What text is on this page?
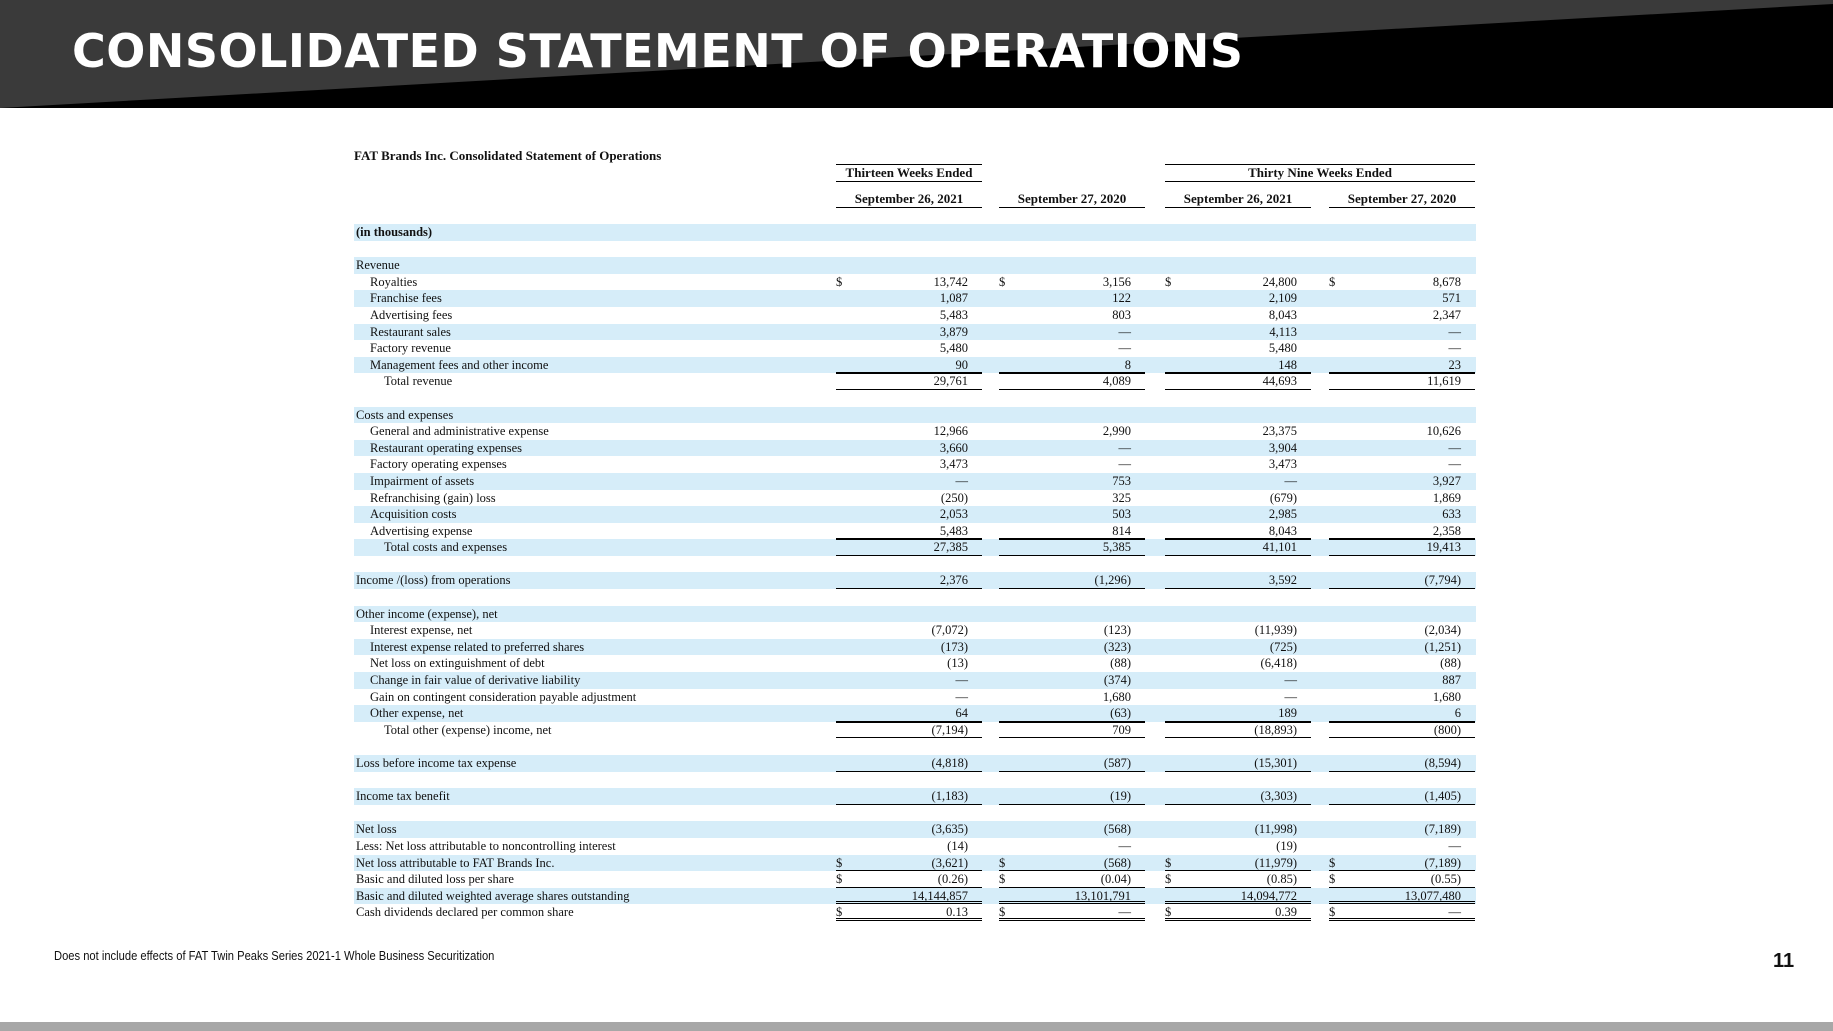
CONSOLIDATED STATEMENT OF OPERATIONS
FAT Brands Inc. Consolidated Statement of Operations
Thirteen Weeks Ended	Thirty Nine Weeks Ended
September 26, 2021	September 27, 2020	September 26, 2021	September 27, 2020
(in thousands)
Revenue
Royalties	$	13,742 $	3,156	$	24,800	$	8,678
Franchise fees	1,087	122	2,109	571
Advertising fees	5,483	803	8,043	2,347
Restaurant sales	3,879	—	4,113	—
Factory revenue	5,480	—	5,480	—
Management fees and other income	90	8	148	23
Total revenue	29,761	4,089	44,693	11,619
Costs and expenses
General and administrative expense	12,966	2,990	23,375	10,626
Restaurant operating expenses	3,660	—	3,904	—
Factory operating expenses	3,473	—	3,473	—
Impairment of assets	—	753	—	3,927
Refranchising (gain) loss	(250)	325	(679)	1,869
Acquisition costs	2,053	503	2,985	633
Advertising expense	5,483	814	8,043	2,358
Total costs and expenses	27,385	5,385	41,101	19,413
Income /(loss) from operations	2,376	(1,296)	3,592	(7,794)
Other income (expense), net
Interest expense, net	(7,072)	(123)	(11,939)	(2,034)
Interest expense related to preferred shares	(173)	(323)	(725)	(1,251)
Net loss on extinguishment of debt	(13)	(88)	(6,418)	(88)
Change in fair value of derivative liability	—	(374)	—	887
Gain on contingent consideration payable adjustment	—	1,680	—	1,680
Other expense, net	64	(63)	189	6
Total other (expense) income, net	(7,194)	709	(18,893)	(800)
Loss before income tax expense	(4,818)	(587)	(15,301)	(8,594)
Income tax benefit	(1,183)	(19)	(3,303)	(1,405)
Net loss	(3,635)	(568)	(11,998)	(7,189)
Less: Net loss attributable to noncontrolling interest	(14)	—	(19)	—
Net loss attributable to FAT Brands Inc.	$	(3,621) $	(568)	$	(11,979)	$	(7,189)
Basic and diluted loss per share	$	(0.26) $	(0.04)	$	(0.85)	$	(0.55)
Basic and diluted weighted average shares outstanding	14,144,857	13,101,791	14,094,772	13,077,480
Cash dividends declared per common share	$	0.13 $	—	$	0.39	$	—
Does not include effects of FAT Twin Peaks Series 2021-1 Whole Business Securitization	11
